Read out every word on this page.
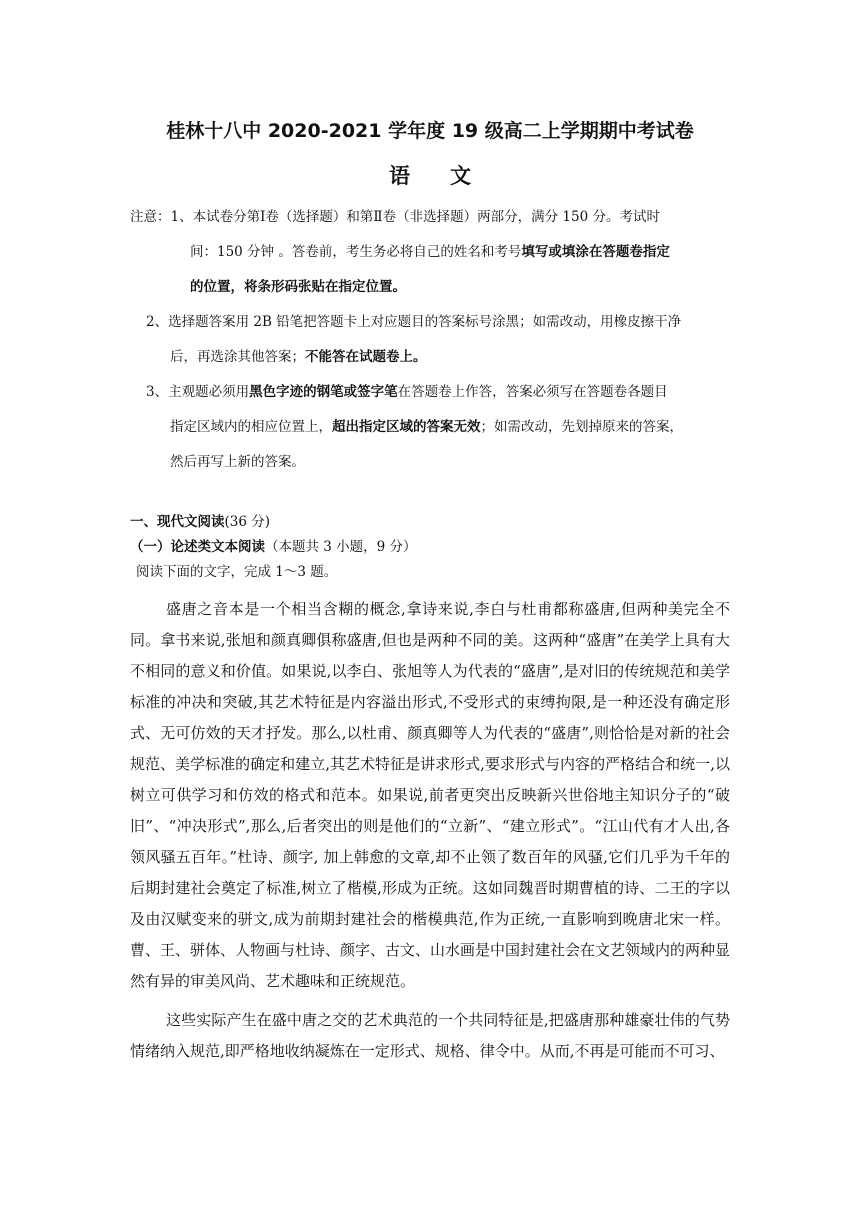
桂林十八中 2020-2021 学年度 19 级高二上学期期中考试卷
语文
注意：1、本试卷分第Ⅰ卷（选择题）和第Ⅱ卷（非选择题）两部分，满分 150 分。考试时
间：150 分钟 。答卷前，考生务必将自己的姓名和考号填写或填涂在答题卷指定
的位置，将条形码张贴在指定位置。
2、选择题答案用 2B 铅笔把答题卡上对应题目的答案标号涂黑；如需改动，用橡皮擦干净
后，再选涂其他答案；不能答在试题卷上。
3、主观题必须用黑色字迹的钢笔或签字笔在答题卷上作答，答案必须写在答题卷各题目
指定区域内的相应位置上，超出指定区域的答案无效；如需改动，先划掉原来的答案，
然后再写上新的答案。
一、现代文阅读(36 分)
（一）论述类文本阅读（本题共 3 小题，9 分）
阅读下面的文字，完成 1～3 题。

盛唐之音本是一个相当含糊的概念,拿诗来说,李白与杜甫都称盛唐,但两种美完全不同。拿书来说,张旭和颜真卿俱称盛唐,但也是两种不同的美。这两种“盛唐”在美学上具有大不相同的意义和价值。如果说,以李白、张旭等人为代表的“盛唐”,是对旧的传统规范和美学标准的冲决和突破,其艺术特征是内容溢出形式,不受形式的束缚拘限,是一种还没有确定形式、无可仿效的天才抒发。那么,以杜甫、颜真卿等人为代表的“盛唐”,则恰恰是对新的社会规范、美学标准的确定和建立,其艺术特征是讲求形式,要求形式与内容的严格结合和统一,以树立可供学习和仿效的格式和范本。如果说,前者更突出反映新兴世俗地主知识分子的“破旧”、“冲决形式”,那么,后者突出的则是他们的“立新”、“建立形式”。“江山代有才人出,各领风骚五百年。”杜诗、颜字, 加上韩愈的文章,却不止领了数百年的风骚,它们几乎为千年的后期封建社会奠定了标准,树立了楷模,形成为正统。这如同魏晋时期曹植的诗、二王的字以及由汉赋变来的骈文,成为前期封建社会的楷模典范,作为正统,一直影响到晚唐北宋一样。曹、王、骈体、人物画与杜诗、颜字、古文、山水画是中国封建社会在文艺领域内的两种显然有异的审美风尚、艺术趣味和正统规范。

这些实际产生在盛中唐之交的艺术典范的一个共同特征是,把盛唐那种雄豪壮伟的气势情绪纳入规范,即严格地收纳凝炼在一定形式、规格、律令中。从而,不再是可能而不可习、
